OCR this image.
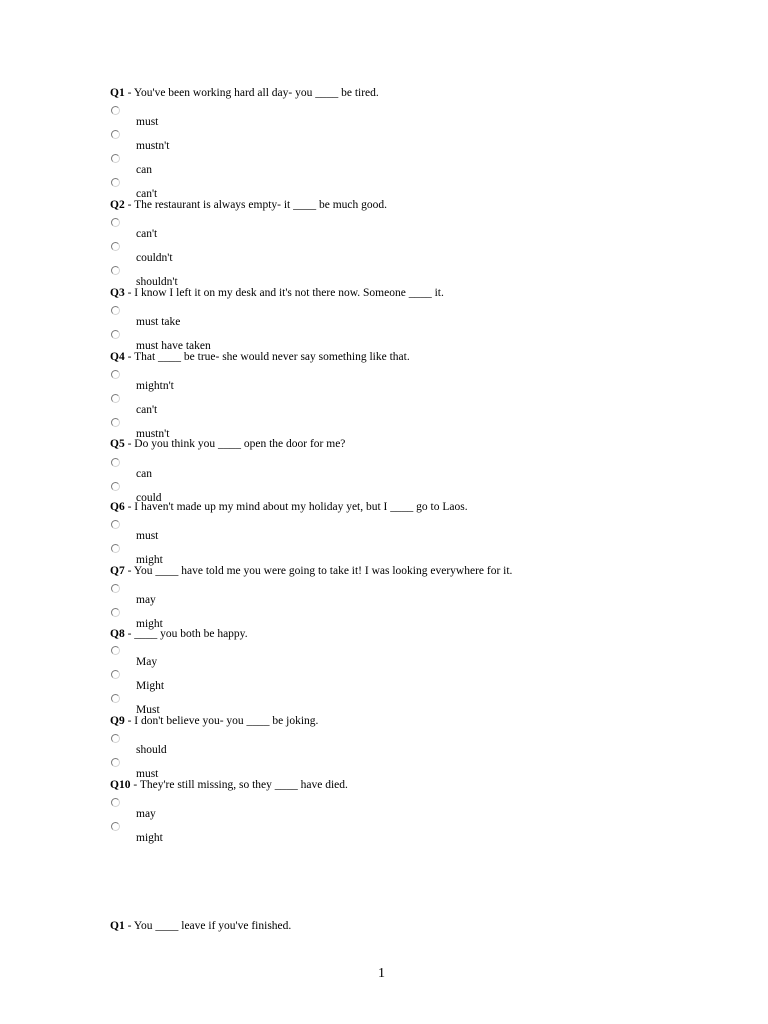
Q1 - You've been working hard all day- you ____ be tired.
must
mustn't
can
can't
Q2 - The restaurant is always empty- it ____ be much good.
can't
couldn't
shouldn't
Q3 - I know I left it on my desk and it's not there now. Someone ____ it.
must take
must have taken
Q4 - That ____ be true- she would never say something like that.
mightn't
can't
mustn't
Q5 - Do you think you ____ open the door for me?
can
could
Q6 - I haven't made up my mind about my holiday yet, but I ____ go to Laos.
must
might
Q7 - You ____ have told me you were going to take it! I was looking everywhere for it.
may
might
Q8 - ____ you both be happy.
May
Might
Must
Q9 - I don't believe you- you ____ be joking.
should
must
Q10 - They're still missing, so they ____ have died.
may
might
Q1 - You ____ leave if you've finished.
1
